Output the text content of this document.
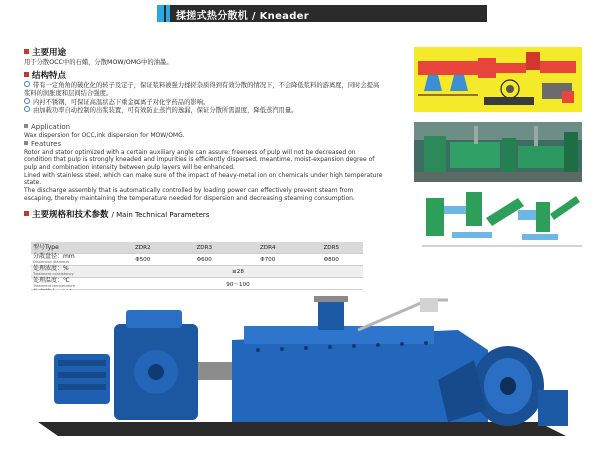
揉搓式热分散机 / Kneader
主要用途

用于分散OCC中的石蜡，分散MOW/OMG中的油墨。

结构特点

带有一定角角的破化化的转子及定子，保证浆料被强力揉搓杂质得到有效分散的情况下，不会降低浆料的游离度，同时会提高浆料的润胀度和层间结合强度。

内衬不锈钢，可保证高温状态下重金属离子对化学药品的影响。

由加载功率自动控制的出浆装置，可有效防止蒸汽的逸漏，保证分散所需温度，降低蒸汽用量。

Application

Wax dispersion for OCC,ink dispersion for MOW/OMG.

Features

Rotor and stator optimized with a certain auxiliary angle can assure: freeness of pulp will not be decreased on condition that pulp is strongly kneaded and impurities is efficiently dispersed, meantime, moist-expansion degree of pulp and combination intensity between pulp layers will be enhanced.

Lined with stainless steel, which can make sure of the impact of heavy-metal ion on chemicals under high temperature state.

The discharge assembly that is automatically controlled by loading power can effectively prevent steam from escaping, thereby maintaining the temperature needed for dispersion and decreasing steaming consumption.

主要规格和技术参数 / Main Technical Parameters
型号Type	ZDR2	ZDR3	ZDR4	ZDR5

分散盘径：mm
Dispersion diameter	Φ500	Φ600	Φ700	Φ800

处理浓度：%
Treatment consistency	≥28			

处理温度：℃
Treatment temperature	90～100			
